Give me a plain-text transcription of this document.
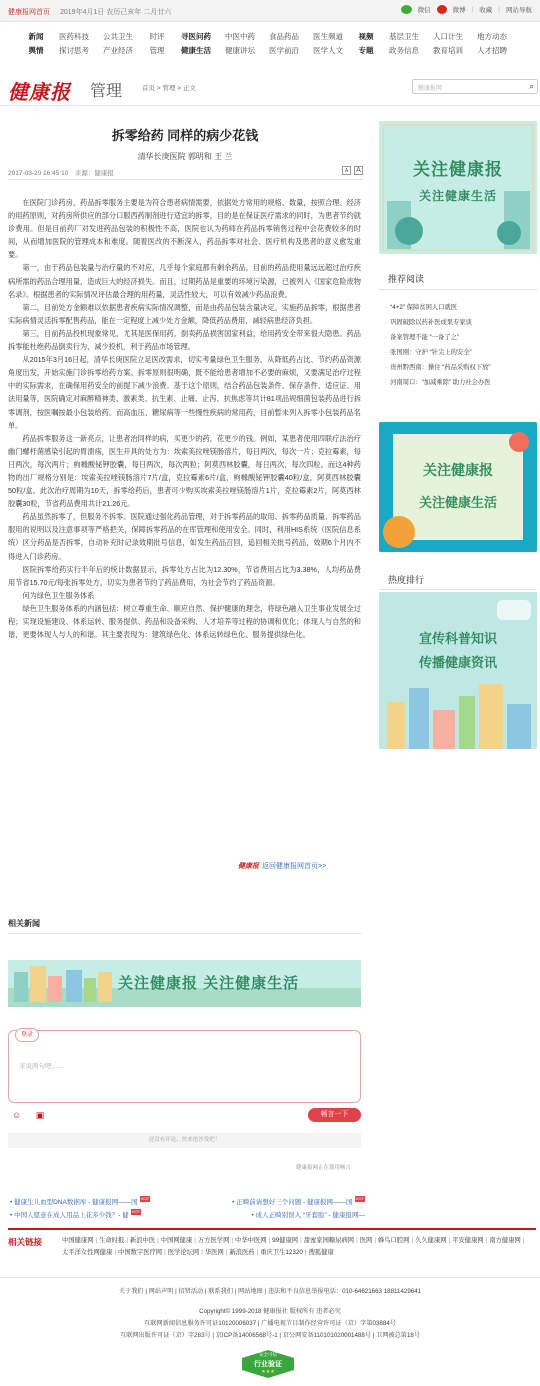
健康报网首页 2019年4月1日 农历己亥年 二月廿六	微信	微博 | 收藏 | 网站导航
新闻	医药科技	公共卫生	时评	寻医问药	中医中药	食品药品	医生频道	视频	基层卫生	人口计生	地方动态
舆情	探讨思考	产业经济	管理	健康生活	健康讲坛	医学前沿	医学人文	专题	政务信息	教育培训	人才招聘
健康报 管理	首页 > 管理 > 正文	健康报网	⌕
拆零给药 同样的病少花钱
清华长庚医院 郭明和 王 兰
2017-03-20 16:45:10　来源：健康报	A	A

在医院门诊药房，药品拆零服务主要是为符合患者病情需要，依据处方常用的规格、数量，按照合理、经济的用药原则，对药房所供应的部分口服西药制剂进行适宜的拆零，目的是在保证医疗需求的同时，为患者节约就诊费用。但是目前药厂对发进药品包装的积极性不高，医院也认为药师在药品拆零销售过程中会花费较多的时间，从而增加医院的管理成本和难度。随着医改的不断深入，药品拆零对社会、医疗机构及患者的意义愈发重要。

第一，由于药品包装量与治疗量的不对应，几乎每个家庭都有剩余药品，目前的药品使用量远远超过治疗疾病所需的药品合理用量，造成巨大的经济损失。而且，过期药品是重要的环境污染源，已被列入《国家危险废物名录》。根据患者的实际情况评估最合理的用药量，灵活性较大，可以有效减少药品浪费。

第二，目前处方金额难以依据患者疾病实际情况调整，而是由药品包装含量决定。实施药品拆零，根据患者实际病情灵活拆零配售药品，能在一定程度上减少处方金额，降低药品费用，减轻病患经济负担。

第三，目前药品投机现象常见，尤其是医保用药。倒卖药品损害国家利益，给用药安全带来很大隐患。药品拆零能杜绝药品倒卖行为，减少投机，利于药品市场管理。

从2015年3月16日起，清华长庚医院立足医改需求，切实考量绿色卫生服务，从降低药占比、节约药品资源角度出发，开始实施门诊拆零给药方案。拆零原则很明确，既不能给患者增加不必要的麻烦，又要满足治疗过程中的实际需求，在确保用药安全的前提下减少浪费。基于这个原则，结合药品包装条件、保存条件、适应证、用法用量等，医院确定对麻醉精神类、激素类、抗生素、止痛、止泻、抗焦虑等共计81项品规细菌包装药品进行拆零调剂，按医嘱按最小包装给药。而高血压、糖尿病等一些慢性疾病的常用药，目前暂未列入拆零小包装药品名单。

药品拆零服务这一新亮点，让患者治同样的病，买更少的药，花更少的钱。例如，某患者使用四联疗法治疗幽门螺杆菌感染引起的胃溃疡，医生开具的处方为：埃索美拉唑镁肠溶片，每日两次，每次一片；克拉霉素，每日两次，每次两片；枸橼酸铋钾胶囊，每日两次，每次两粒；阿莫西林胶囊，每日两次，每次四粒。而这4种药物的出厂规格分别是：埃索美拉唑镁肠溶片7片/盒，克拉霉素6片/盒，枸橼酸铋钾胶囊40粒/盒，阿莫西林胶囊50粒/盒。此次治疗周期为10天，拆零给药后，患者可少购买埃索美拉唑镁肠溶片1片，克拉霉素2片，阿莫西林胶囊30粒，节省药品费用共计21.26元。

药品虽然拆零了，但服务不拆零。医院通过强化药品管理，对于拆零药品的取用、拆零药品质量、拆零药品服用的说明以及注意事项等严格把关，保障拆零药品的在库管理和使用安全。同时，利用HIS系统（医院信息系统）区分药品是否拆零，自动补充时记录效期批号信息，如发生药品召回，追回相关批号药品，效期6个月内不得进入门诊药房。

医院拆零给药实行半年后的统计数据显示，拆零处方占比为12.30%，节省费用占比为3.38%，人均药品费用节省15.70元/每张拆零处方，切实为患者节约了药品费用，为社会节约了药品资源。

何为绿色卫生服务体系

绿色卫生服务体系的内涵包括：树立尊重生命、顺应自然、保护健康的理念，将绿色融入卫生事业发展全过程；实现设施建设、体系运转、服务提供、药品和设备采购、人才培养等过程的协调和优化；体现人与自然的和谐，更要体现人与人的和谐。其主要表现为：建筑绿色化、体系运转绿色化、服务提供绿色化。

健康报 返回健康报网首页>>
关注健康报
关注健康生活
推荐阅读
· “4+2” 保障贫困人口就医
· 巩固破除以药补医成果专家谈
· 备案管理不能 “一备了之”
· 张国刚：守护 “针尖上的安全”
· 贵州黔西南：操住 “药品采购权下放”
· 河南周口：“加减乘除” 助力社会办医
关注健康报
关注健康生活
热度排行
宣传科普知识
传播健康资讯
相关新闻
关注健康报 关注健康生活
登录
来说两句吧……
☺ ▣	畅言一下
还没有评论，快来抢沙发吧！
健康报网正在使用畅言
• 健康生儿血型DNA数据库 - 健康报网——国HOT
• 正畸前请想好三个问题 - 健康报网——国HOT
• 中国人愿意在成人用品上花多少钱？- 健HOT
• 成人正畸别误入 “牙套脸” - 健康报网—
相关链接	中国健康网 | 生命时报 | 新浪中医 | 中国网健康 | 万方医学网 | 中华中医网 | 99健康网 | 甜蜜家园糖尿病网 | 医网 | 蜂鸟口腔网 | 久久健康网 | 平安健康网 | 南方健康网 |太平洋女性网健康 | 中国数字医疗网 | 医学论坛网 | 华医网 | 新浪医药 | 重庆卫生12320 | 搜狐健康
关于我们 | 网站声明 | 招贤活动 | 联系我们 | 网站地图 | 违法和不良信息举报电话：010-64621663 18811429641
Copyright© 1999-2018 健康报社 版权所有 违者必究
互联网新闻信息服务许可证10120006037 | 广播电视节目制作经营许可证（京）字第03884号
互联网出版许可证（京）字283号 | 京ICP备14006568号-1 | 京公网安备110101020001488号 | 卫网被总第18号
安全可信
行业验证
★★★
